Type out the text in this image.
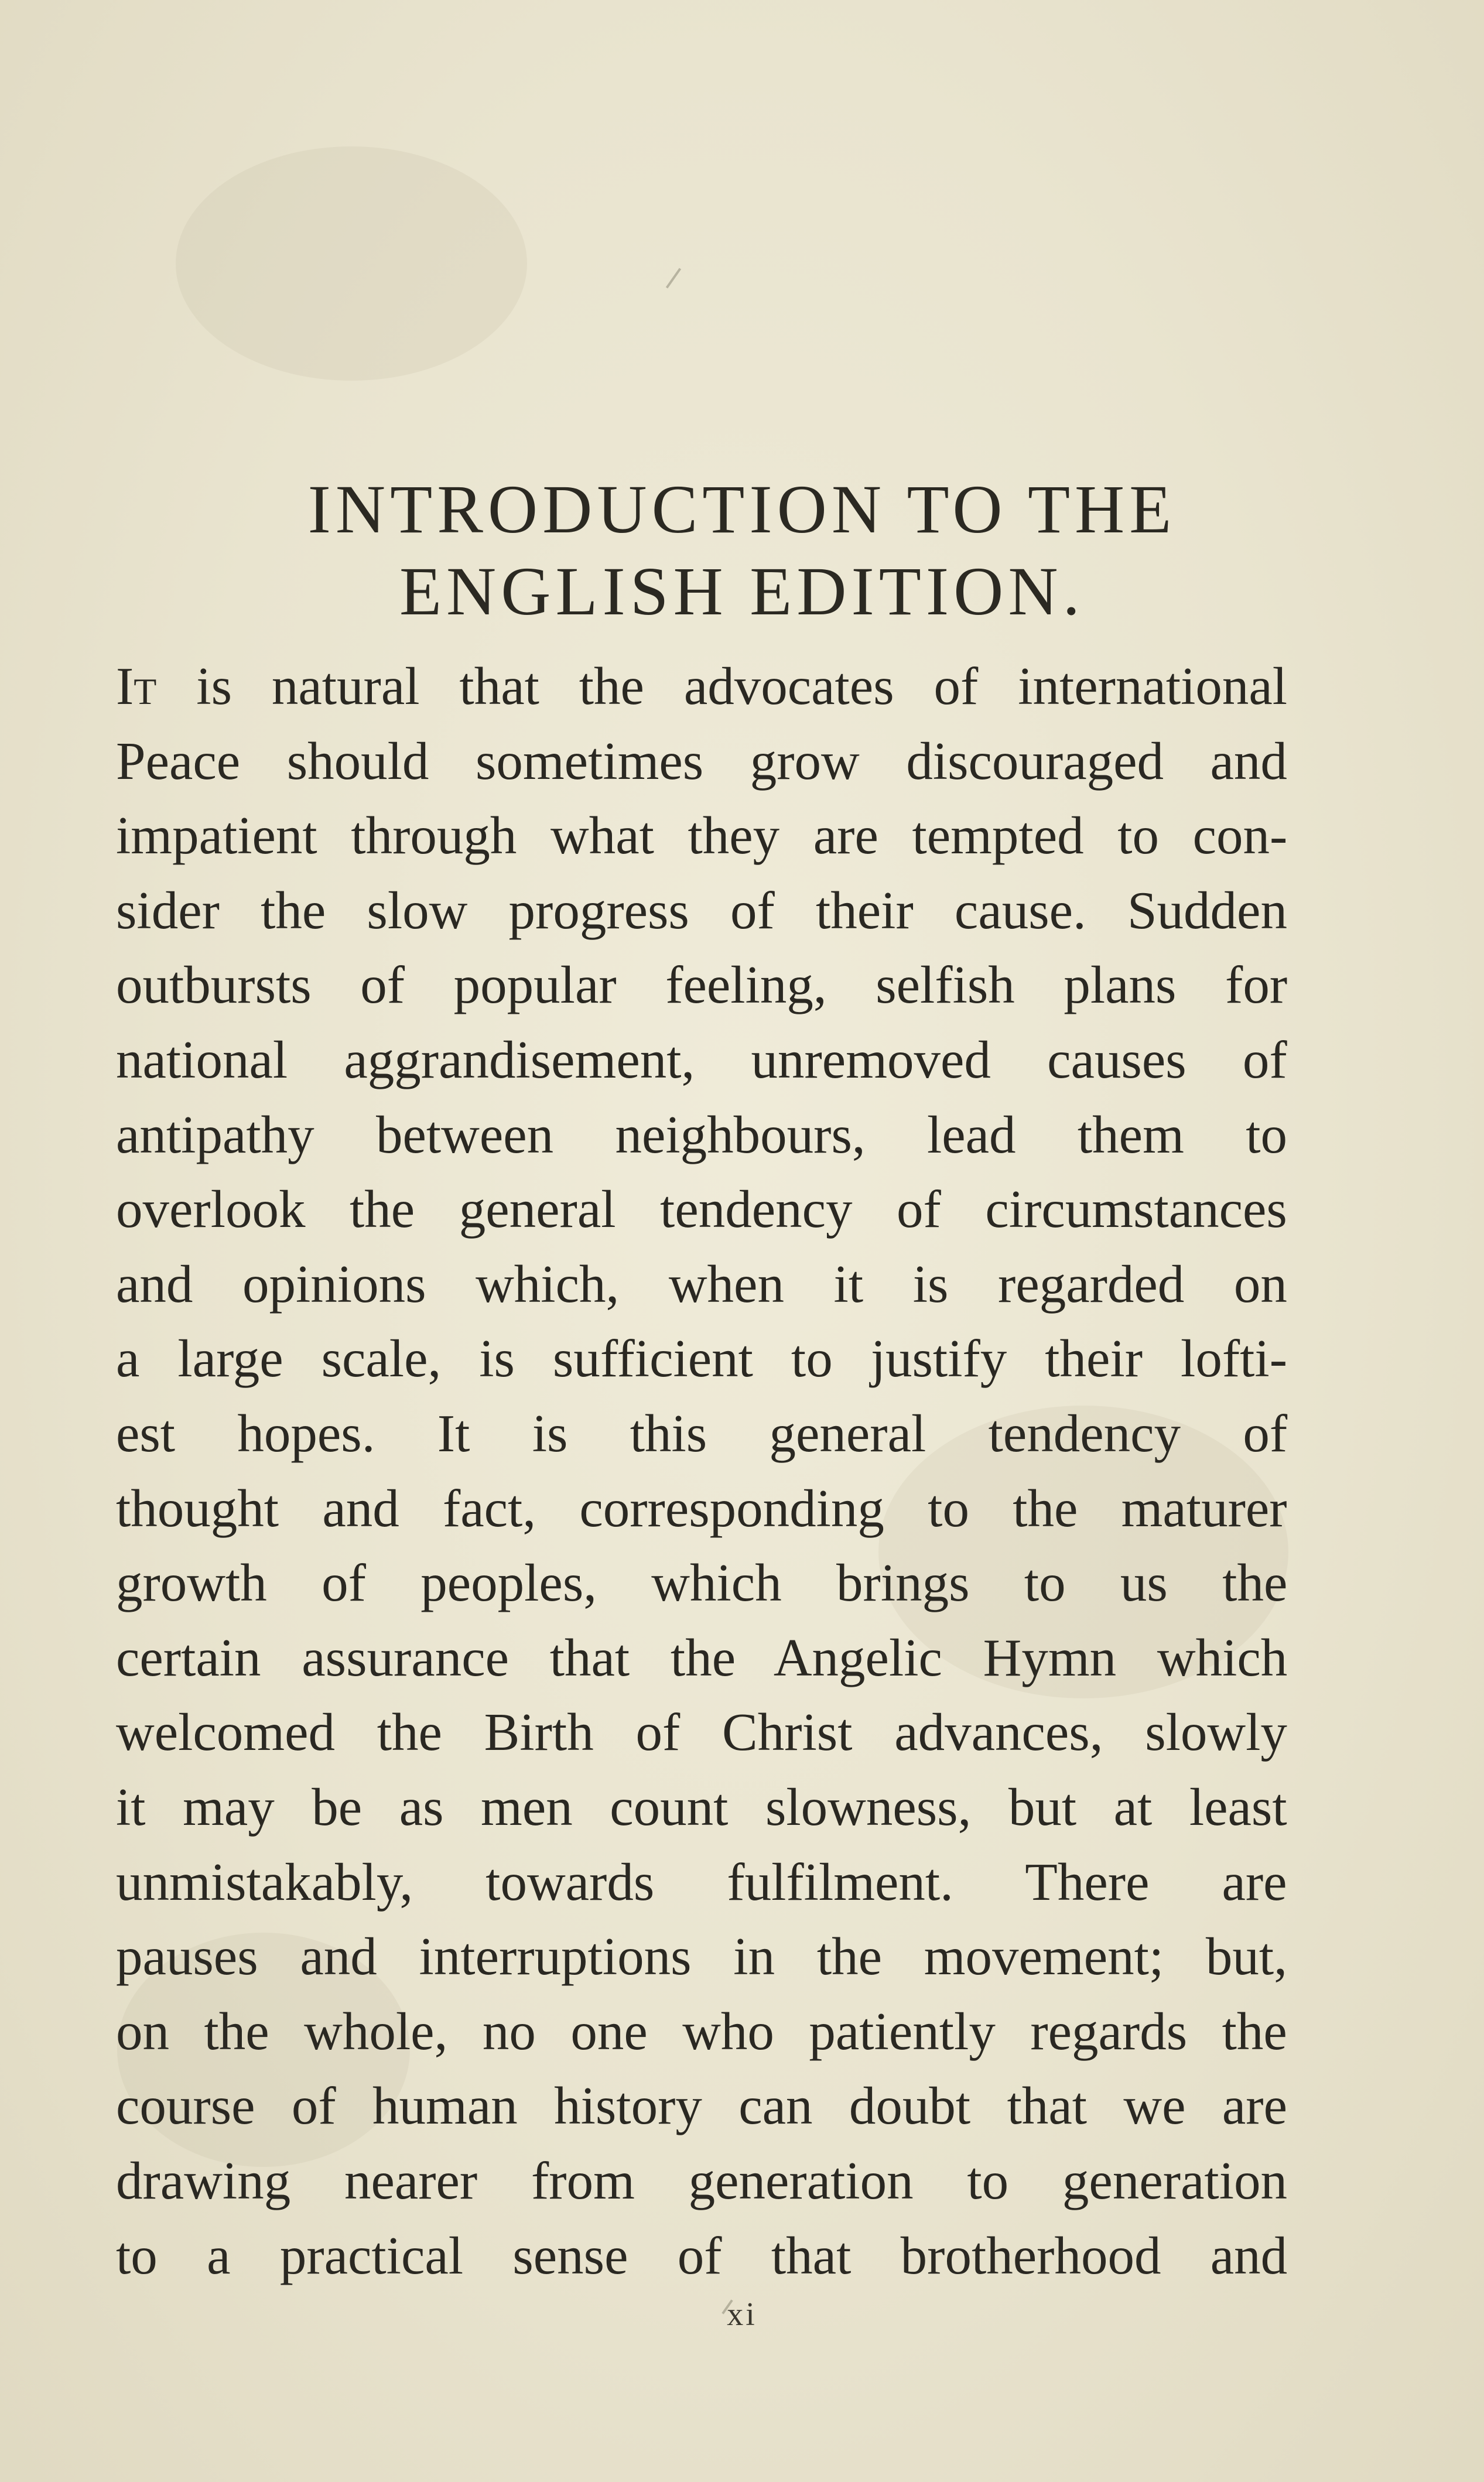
INTRODUCTION TO THE
ENGLISH EDITION.
It is natural that the advocates of international
Peace should sometimes grow discouraged and
impatient through what they are tempted to con-
sider the slow progress of their cause. Sudden
outbursts of popular feeling, selfish plans for
national aggrandisement, unremoved causes of
antipathy between neighbours, lead them to
overlook the general tendency of circumstances
and opinions which, when it is regarded on
a large scale, is sufficient to justify their lofti-
est hopes. It is this general tendency of
thought and fact, corresponding to the maturer
growth of peoples, which brings to us the
certain assurance that the Angelic Hymn which
welcomed the Birth of Christ advances, slowly
it may be as men count slowness, but at least
unmistakably, towards fulfilment. There are
pauses and interruptions in the movement; but,
on the whole, no one who patiently regards the
course of human history can doubt that we are
drawing nearer from generation to generation
to a practical sense of that brotherhood and
xi
